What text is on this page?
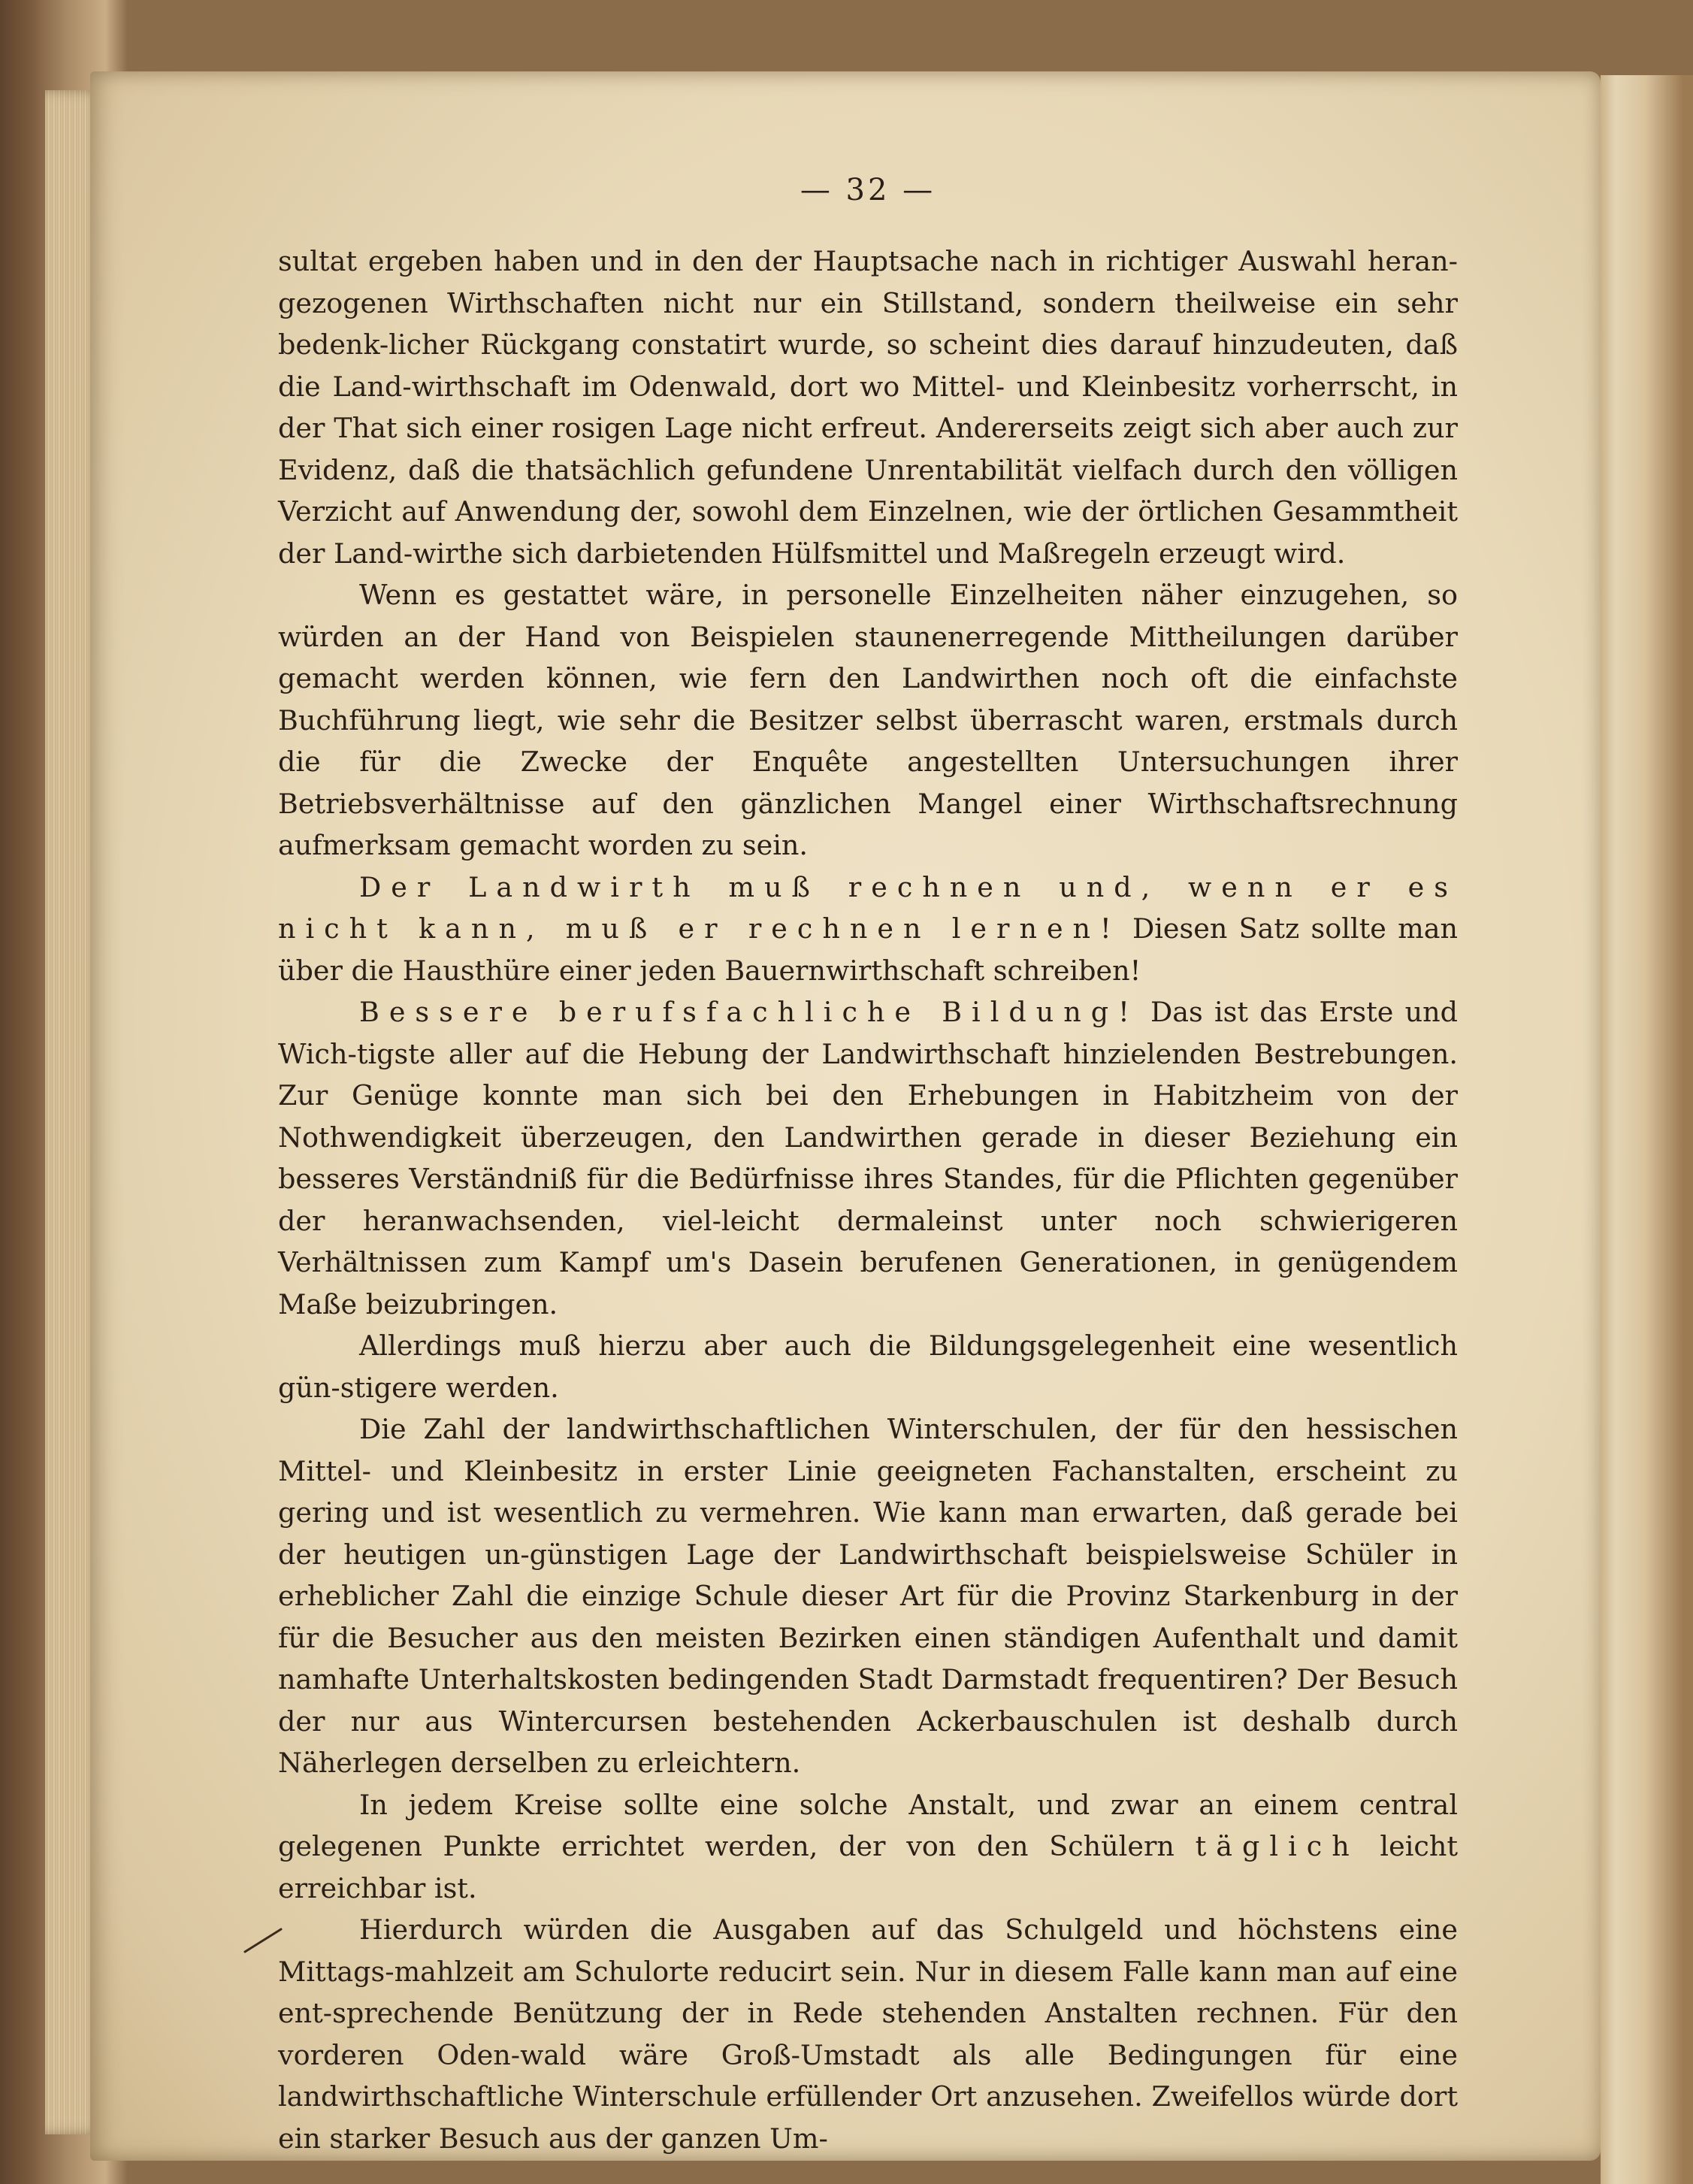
— 32 —

sultat ergeben haben und in den der Hauptsache nach in richtiger Auswahl heran-gezogenen Wirthschaften nicht nur ein Stillstand, sondern theilweise ein sehr bedenk-licher Rückgang constatirt wurde, so scheint dies darauf hinzudeuten, daß die Land-wirthschaft im Odenwald, dort wo Mittel- und Kleinbesitz vorherrscht, in der That sich einer rosigen Lage nicht erfreut. Andererseits zeigt sich aber auch zur Evidenz, daß die thatsächlich gefundene Unrentabilität vielfach durch den völligen Verzicht auf Anwendung der, sowohl dem Einzelnen, wie der örtlichen Gesammtheit der Land-wirthe sich darbietenden Hülfsmittel und Maßregeln erzeugt wird.

Wenn es gestattet wäre, in personelle Einzelheiten näher einzugehen, so würden an der Hand von Beispielen staunenerregende Mittheilungen darüber gemacht werden können, wie fern den Landwirthen noch oft die einfachste Buchführung liegt, wie sehr die Besitzer selbst überrascht waren, erstmals durch die für die Zwecke der Enquête angestellten Untersuchungen ihrer Betriebsverhältnisse auf den gänzlichen Mangel einer Wirthschaftsrechnung aufmerksam gemacht worden zu sein.

Der Landwirth muß rechnen und, wenn er es nicht kann, muß er rechnen lernen! Diesen Satz sollte man über die Hausthüre einer jeden Bauernwirthschaft schreiben!

Bessere berufsfachliche Bildung! Das ist das Erste und Wich-tigste aller auf die Hebung der Landwirthschaft hinzielenden Bestrebungen. Zur Genüge konnte man sich bei den Erhebungen in Habitzheim von der Nothwendigkeit überzeugen, den Landwirthen gerade in dieser Beziehung ein besseres Verständniß für die Bedürfnisse ihres Standes, für die Pflichten gegenüber der heranwachsenden, viel-leicht dermaleinst unter noch schwierigeren Verhältnissen zum Kampf um's Dasein berufenen Generationen, in genügendem Maße beizubringen.

Allerdings muß hierzu aber auch die Bildungsgelegenheit eine wesentlich gün-stigere werden.

Die Zahl der landwirthschaftlichen Winterschulen, der für den hessischen Mittel- und Kleinbesitz in erster Linie geeigneten Fachanstalten, erscheint zu gering und ist wesentlich zu vermehren. Wie kann man erwarten, daß gerade bei der heutigen un-günstigen Lage der Landwirthschaft beispielsweise Schüler in erheblicher Zahl die einzige Schule dieser Art für die Provinz Starkenburg in der für die Besucher aus den meisten Bezirken einen ständigen Aufenthalt und damit namhafte Unterhaltskosten bedingenden Stadt Darmstadt frequentiren? Der Besuch der nur aus Wintercursen bestehenden Ackerbauschulen ist deshalb durch Näherlegen derselben zu erleichtern.

In jedem Kreise sollte eine solche Anstalt, und zwar an einem central gelegenen Punkte errichtet werden, der von den Schülern täglich leicht erreichbar ist.

Hierdurch würden die Ausgaben auf das Schulgeld und höchstens eine Mittags-mahlzeit am Schulorte reducirt sein. Nur in diesem Falle kann man auf eine ent-sprechende Benützung der in Rede stehenden Anstalten rechnen. Für den vorderen Oden-wald wäre Groß-Umstadt als alle Bedingungen für eine landwirthschaftliche Winterschule erfüllender Ort anzusehen. Zweifellos würde dort ein starker Besuch aus der ganzen Um-
